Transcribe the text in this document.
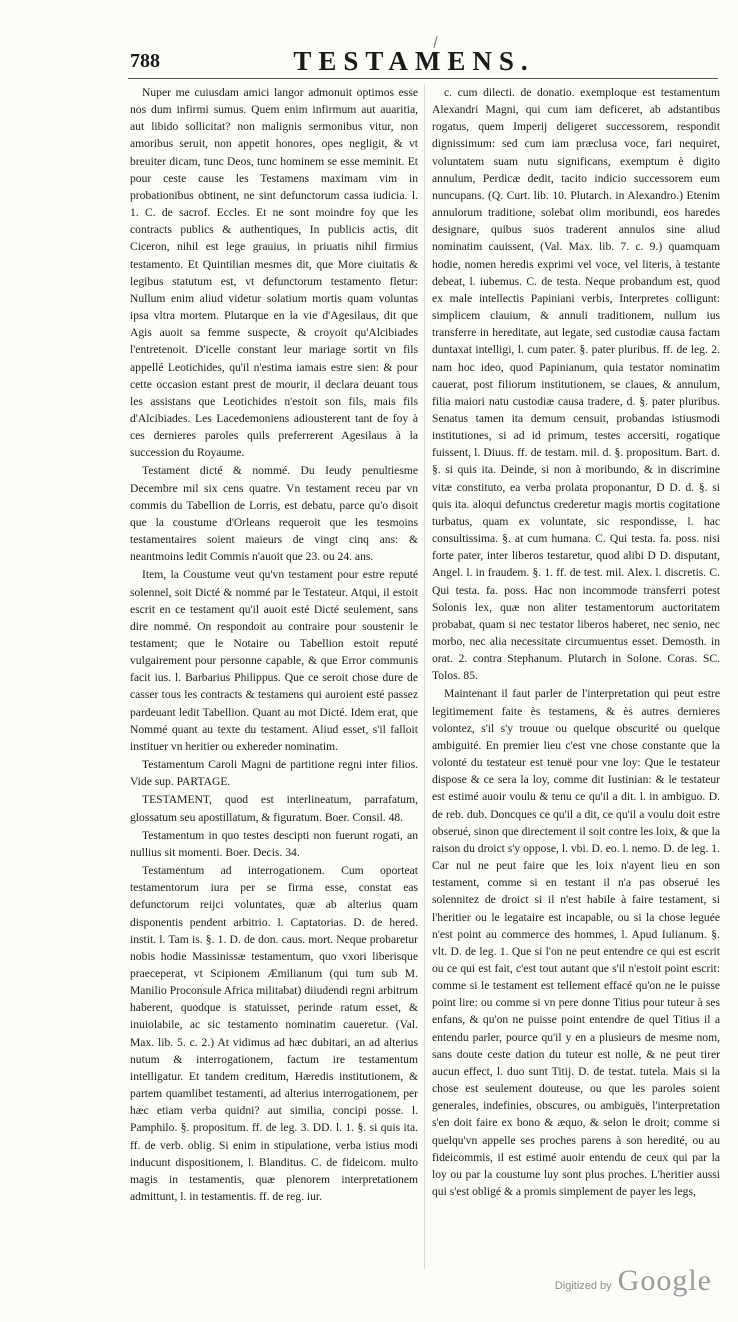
788	TESTAMENS.

Nuper me cuiusdam amici langor admonuit optimos esse nos dum infirmi sumus. Quem enim infirmum aut auaritia, aut libido sollicitat? non malignis sermonibus vitur, non amoribus seruit, non appetit honores, opes negligit, & vt breuiter dicam, tunc Deos, tunc hominem se esse meminit. Et pour ceste cause les Testamens maximam vim in probationibus obtinent, ne sint defunctorum cassa iudicia. l. 1. C. de sacrof. Eccles. Et ne sont moindre foy que les contracts publics & authentiques, In publicis actis, dit Ciceron, nihil est lege grauius, in priuatis nihil firmius testamento. Et Quintilian mesmes dit, que More ciuitatis & legibus statutum est, vt defunctorum testamento fletur: Nullum enim aliud videtur solatium mortis quam voluntas ipsa vltra mortem. Plutarque en la vie d'Agesilaus, dit que Agis auoit sa femme suspecte, & croyoit qu'Alcibiades l'entretenoit. D'icelle constant leur mariage sortit vn fils appellé Leotichides, qu'il n'estima iamais estre sien: & pour cette occasion estant prest de mourir, il declara deuant tous les assistans que Leotichides n'estoit son fils, mais fils d'Alcibiades. Les Lacedemoniens adiousterent tant de foy à ces dernieres paroles quils preferrerent Agesilaus à la succession du Royaume.

Testament dicté & nommé. Du Ieudy penultiesme Decembre mil six cens quatre. Vn testament receu par vn commis du Tabellion de Lorris, est debatu, parce qu'o disoit que la coustume d'Orleans requeroit que les tesmoins testamentaires soient maieurs de vingt cinq ans: & neantmoins ledit Commis n'auoit que 23. ou 24. ans.

Item, la Coustume veut qu'vn testament pour estre reputé solennel, soit Dicté & nommé par le Testateur. Atqui, il estoit escrit en ce testament qu'il auoit esté Dicté seulement, sans dire nommé. On respondoit au contraire pour soustenir le testament; que le Notaire ou Tabellion estoit reputé vulgairement pour personne capable, & que Error communis facit ius. l. Barbarius Philippus. Que ce seroit chose dure de casser tous les contracts & testamens qui auroient esté passez pardeuant ledit Tabellion. Quant au mot Dicté. Idem erat, que Nommé quant au texte du testament. Aliud esset, s'il falloit instituer vn heritier ou exhereder nominatim.

Testamentum Caroli Magni de partitione regni inter filios. Vide sup. PARTAGE.

TESTAMENT, quod est interlineatum, parrafatum, glossatum seu apostillatum, & figuratum. Boer. Consil. 48.

Testamentum in quo testes descipti non fuerunt rogati, an nullius sit momenti. Boer. Decis. 34.

Testamentum ad interrogationem. Cum oporteat testamentorum iura per se firma esse, constat eas defunctorum reijci voluntates, quæ ab alterius quam disponentis pendent arbitrio. l. Captatorias. D. de hered. instit. l. Tam is. §. 1. D. de don. caus. mort. Neque probaretur nobis hodie Massinissæ testamentum, quo vxori liberisque praeceperat, vt Scipionem Æmilianum (qui tum sub M. Manilio Proconsule Africa militabat) diiudendi regni arbitrum haberent, quodque is statuisset, perinde ratum esset, & inuiolabile, ac sic testamento nominatim caueretur. (Val. Max. lib. 5. c. 2.) At vidimus ad hæc dubitari, an ad alterius nutum & interrogationem, factum ire testamentum intelligatur. Et tandem creditum, Hæredis institutionem, & partem quamlibet testamenti, ad alterius interrogationem, per hæc etiam verba quidni? aut similia, concipi posse. l. Pamphilo. §. propositum. ff. de leg. 3. DD. l. 1. §. si quis ita. ff. de verb. oblig. Si enim in stipulatione, verba istius modi inducunt dispositionem, l. Blanditus. C. de fideicom. multo magis in testamentis, quæ plenorem interpretationem admittunt, l. in testamentis. ff. de reg. iur.

c. cum dilecti. de donatio. exemploque est testamentum Alexandri Magni, qui cum iam deficeret, ab adstantibus rogatus, quem Imperij deligeret successorem, respondit dignissimum: sed cum iam præclusa voce, fari nequiret, voluntatem suam nutu significans, exemptum è digito annulum, Perdicæ dedit, tacito indicio successorem eum nuncupans. (Q. Curt. lib. 10. Plutarch. in Alexandro.) Etenim annulorum traditione, solebat olim moribundi, eos haredes designare, quibus suos traderent annulos sine aliud nominatim cauissent, (Val. Max. lib. 7. c. 9.) quamquam hodie, nomen heredis exprimi vel voce, vel literis, à testante debeat, l. iubemus. C. de testa. Neque probandum est, quod ex male intellectis Papiniani verbis, Interpretes colligunt: simplicem clauium, & annuli traditionem, nullum ius transferre in hereditate, aut legate, sed custodiæ causa factam duntaxat intelligi, l. cum pater. §. pater pluribus. ff. de leg. 2. nam hoc ideo, quod Papinianum, quia testator nominatim cauerat, post filiorum institutionem, se claues, & annulum, filia maiori natu custodiæ causa tradere, d. §. pater pluribus. Senatus tamen ita demum censuit, probandas istiusmodi institutiones, si ad id primum, testes accersiti, rogatique fuissent, l. Diuus. ff. de testam. mil. d. §. propositum. Bart. d. §. si quis ita. Deinde, si non à moribundo, & in discrimine vitæ constituto, ea verba prolata proponantur, D D. d. §. si quis ita. aloqui defunctus crederetur magis mortis cogitatione turbatus, quam ex voluntate, sic respondisse, l. hac consultissima. §. at cum humana. C. Qui testa. fa. poss. nisi forte pater, inter liberos testaretur, quod alibi D D. disputant, Angel. l. in fraudem. §. 1. ff. de test. mil. Alex. l. discretis. C. Qui testa. fa. poss. Hac non incommode transferri potest Solonis lex, quæ non aliter testamentorum auctoritatem probabat, quam si nec testator liberos haberet, nec senio, nec morbo, nec alia necessitate circumuentus esset. Demosth. in orat. 2. contra Stephanum. Plutarch in Solone. Coras. SC. Tolos. 85.

Maintenant il faut parler de l'interpretation qui peut estre legitimement faite ès testamens, & ès autres dernieres volontez, s'il s'y trouue ou quelque obscurité ou quelque ambiguité. En premier lieu c'est vne chose constante que la volonté du testateur est tenuë pour vne loy: Que le testateur dispose & ce sera la loy, comme dit Iustinian: & le testateur est estimé auoir voulu & tenu ce qu'il a dit. l. in ambiguo. D. de reb. dub. Doncques ce qu'il a dit, ce qu'il a voulu doit estre obserué, sinon que directement il soit contre les loix, & que la raison du droict s'y oppose, l. vbi. D. eo. l. nemo. D. de leg. 1. Car nul ne peut faire que les loix n'ayent lieu en son testament, comme si en testant il n'a pas obserué les solennitez de droict si il n'est habile à faire testament, si l'heritier ou le legataire est incapable, ou si la chose leguée n'est point au commerce des hommes, l. Apud Iulianum. §. vlt. D. de leg. 1. Que si l'on ne peut entendre ce qui est escrit ou ce qui est fait, c'est tout autant que s'il n'estoit point escrit: comme si le testament est tellement effacé qu'on ne le puisse point lire: ou comme si vn pere donne Titius pour tuteur à ses enfans, & qu'on ne puisse point entendre de quel Titius il a entendu parler, pource qu'il y en a plusieurs de mesme nom, sans doute ceste dation du tuteur est nolle, & ne peut tirer aucun effect, l. duo sunt Titij. D. de testat. tutela. Mais si la chose est seulement douteuse, ou que les paroles soient generales, indefinies, obscures, ou ambiguës, l'interpretation s'en doit faire ex bono & æquo, & selon le droit; comme si quelqu'vn appelle ses proches parens à son heredité, ou au fideicommis, il est estimé auoir entendu de ceux qui par la loy ou par la coustume luy sont plus proches. L'heritier aussi qui s'est obligé & a promis simplement de payer les legs,

Digitized by Google
